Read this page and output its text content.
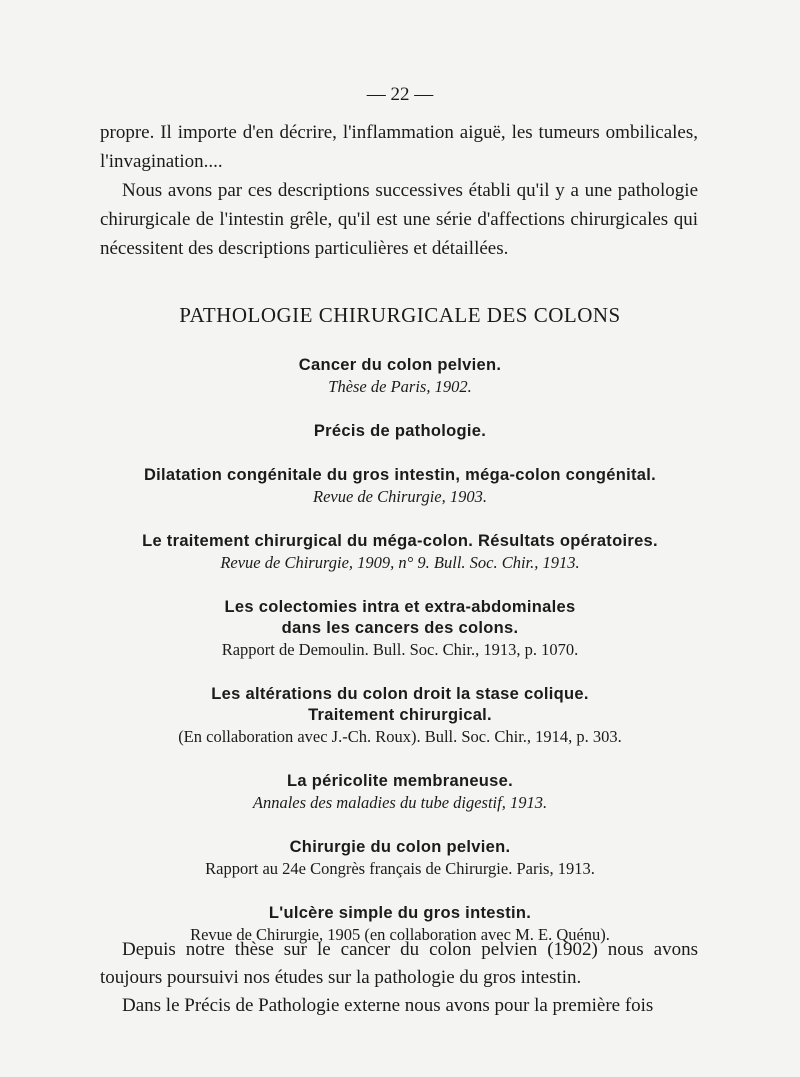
— 22 —

propre. Il importe d'en décrire, l'inflammation aiguë, les tumeurs ombilicales, l'invagination....

Nous avons par ces descriptions successives établi qu'il y a une pathologie chirurgicale de l'intestin grêle, qu'il est une série d'affections chirurgicales qui nécessitent des descriptions particulières et détaillées.

PATHOLOGIE CHIRURGICALE DES COLONS
Cancer du colon pelvien.
Thèse de Paris, 1902.
Précis de pathologie.
Dilatation congénitale du gros intestin, méga-colon congénital.
Revue de Chirurgie, 1903.
Le traitement chirurgical du méga-colon. Résultats opératoires.
Revue de Chirurgie, 1909, n° 9. Bull. Soc. Chir., 1913.
Les colectomies intra et extra-abdominales
dans les cancers des colons.
Rapport de Demoulin. Bull. Soc. Chir., 1913, p. 1070.
Les altérations du colon droit la stase colique.
Traitement chirurgical.
(En collaboration avec J.-Ch. Roux). Bull. Soc. Chir., 1914, p. 303.
La péricolite membraneuse.
Annales des maladies du tube digestif, 1913.
Chirurgie du colon pelvien.
Rapport au 24e Congrès français de Chirurgie. Paris, 1913.
L'ulcère simple du gros intestin.
Revue de Chirurgie, 1905 (en collaboration avec M. E. Quénu).

Depuis notre thèse sur le cancer du colon pelvien (1902) nous avons toujours poursuivi nos études sur la pathologie du gros intestin.

Dans le Précis de Pathologie externe nous avons pour la première fois
